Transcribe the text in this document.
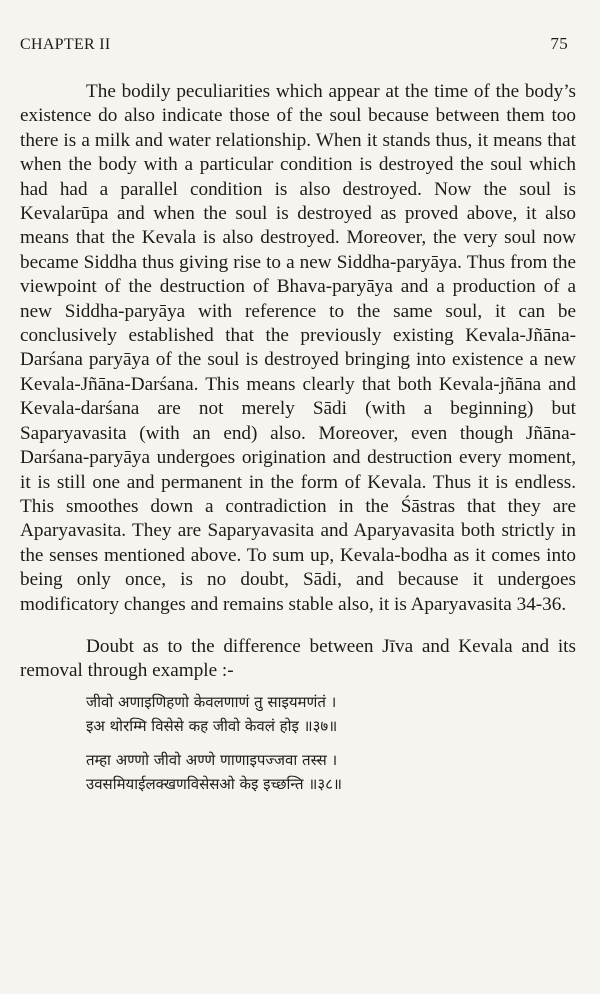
CHAPTER II	75

The bodily peculiarities which appear at the time of the body’s existence do also indicate those of the soul because between them too there is a milk and water relationship. When it stands thus, it means that when the body with a particular condition is destroyed the soul which had had a parallel condition is also destroyed. Now the soul is Kevalarūpa and when the soul is destroyed as proved above, it also means that the Kevala is also destroyed. Moreover, the very soul now became Siddha thus giving rise to a new Siddha-paryāya. Thus from the viewpoint of the destruction of Bhava-paryāya and a production of a new Siddha-paryāya with reference to the same soul, it can be conclusively established that the previously existing Kevala-Jñāna-Darśana paryāya of the soul is destroyed bringing into existence a new Kevala-Jñāna-Darśana. This means clearly that both Kevala-jñāna and Kevala-darśana are not merely Sādi (with a beginning) but Saparyavasita (with an end) also. Moreover, even though Jñāna-Darśana-paryāya undergoes origination and destruction every moment, it is still one and permanent in the form of Kevala. Thus it is endless. This smoothes down a contradiction in the Śāstras that they are Aparyavasita. They are Saparyavasita and Aparyavasita both strictly in the senses mentioned above. To sum up, Kevala-bodha as it comes into being only once, is no doubt, Sādi, and because it undergoes modificatory changes and remains stable also, it is Aparyavasita 34-36.

Doubt as to the difference between Jīva and Kevala and its removal through example :-

जीवो अणाइणिहणो केवलणाणं तु साइयमणंतं ।

इअ थोरम्मि विसेसे कह जीवो केवलं होइ ॥३७॥

तम्हा अण्णो जीवो अण्णे णाणाइपज्जवा तस्स ।

उवसमियाईलक्खणविसेसओ केइ इच्छन्ति ॥३८॥
